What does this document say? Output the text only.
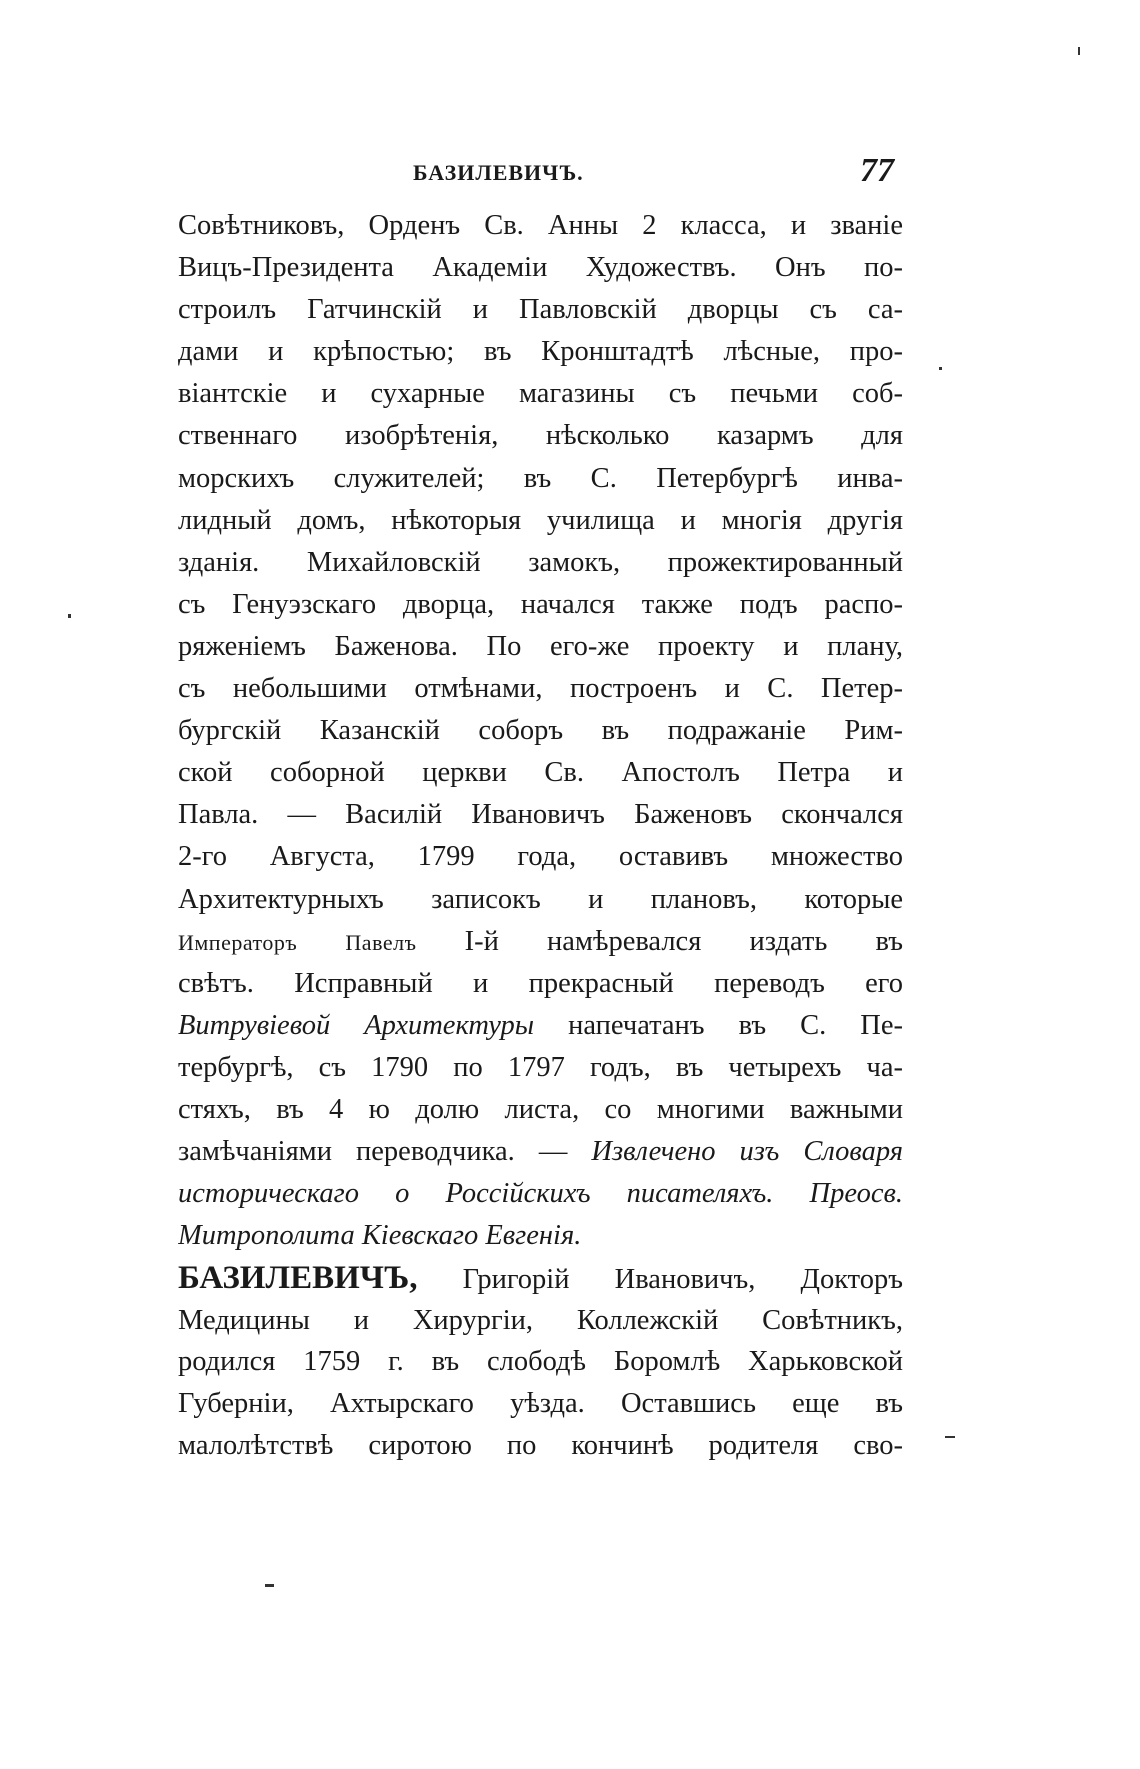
БАЗИЛЕВИЧЪ.	77
Совѣтниковъ, Орденъ Св. Анны 2 класса, и званіе
Вицъ-Президента Академіи Художествъ. Онъ по-
строилъ Гатчинскій и Павловскій дворцы съ са-
дами и крѣпостью; въ Кронштадтѣ лѣсные, про-
віантскіе и сухарные магазины съ печьми соб-
ственнаго изобрѣтенія, нѣсколько казармъ для
морскихъ служителей; въ С. Петербургѣ инва-
лидный домъ, нѣкоторыя училища и многія другія
зданія. Михайловскій замокъ, прожектированный
съ Генуэзскаго дворца, начался также подъ распо-
ряженіемъ Баженова. По его-же проекту и плану,
съ небольшими отмѣнами, построенъ и С. Петер-
бургскій Казанскій соборъ въ подражаніе Рим-
ской соборной церкви Св. Апостолъ Петра и
Павла. — Василій Ивановичъ Баженовъ скончался
2-го Августа, 1799 года, оставивъ множество
Архитектурныхъ записокъ и плановъ, которые
Императоръ Павелъ I-й намѣревался издать въ
свѣтъ. Исправный и прекрасный переводъ его
Витрувіевой Архитектуры напечатанъ въ С. Пе-
тербургѣ, съ 1790 по 1797 годъ, въ четырехъ ча-
стяхъ, въ 4 ю долю листа, со многими важными
замѣчаніями переводчика. — Извлечено изъ Словаря
историческаго о Россійскихъ писателяхъ. Преосв.
Митрополита Кіевскаго Евгенія.
БАЗИЛЕВИЧЪ, Григорій Ивановичъ, Докторъ
Медицины и Хирургіи, Коллежскій Совѣтникъ,
родился 1759 г. въ слободѣ Боромлѣ Харьковской
Губерніи, Ахтырскаго уѣзда. Оставшись еще въ
малолѣтствѣ сиротою по кончинѣ родителя сво-
